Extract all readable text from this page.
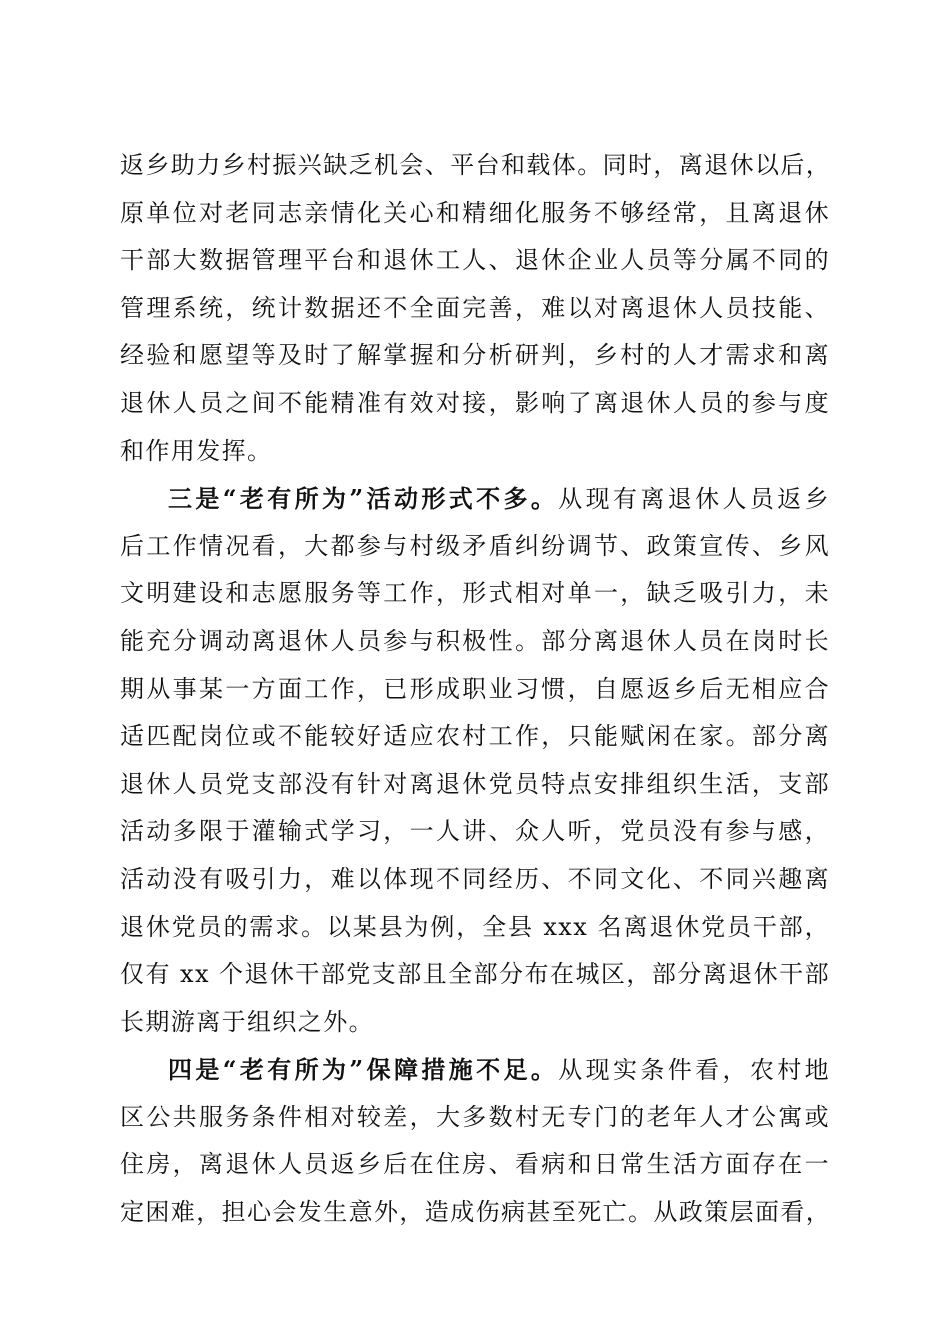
返乡助力乡村振兴缺乏机会、平台和载体。同时，离退休以后，
原单位对老同志亲情化关心和精细化服务不够经常，且离退休
干部大数据管理平台和退休工人、退休企业人员等分属不同的
管理系统，统计数据还不全面完善，难以对离退休人员技能、
经验和愿望等及时了解掌握和分析研判，乡村的人才需求和离
退休人员之间不能精准有效对接，影响了离退休人员的参与度
和作用发挥。
三是“老有所为”活动形式不多。从现有离退休人员返乡
后工作情况看，大都参与村级矛盾纠纷调节、政策宣传、乡风
文明建设和志愿服务等工作，形式相对单一，缺乏吸引力，未
能充分调动离退休人员参与积极性。部分离退休人员在岗时长
期从事某一方面工作，已形成职业习惯，自愿返乡后无相应合
适匹配岗位或不能较好适应农村工作，只能赋闲在家。部分离
退休人员党支部没有针对离退休党员特点安排组织生活，支部
活动多限于灌输式学习，一人讲、众人听，党员没有参与感，
活动没有吸引力，难以体现不同经历、不同文化、不同兴趣离
退休党员的需求。以某县为例，全县 xxx 名离退休党员干部，
仅有 xx 个退休干部党支部且全部分布在城区，部分离退休干部
长期游离于组织之外。
四是“老有所为”保障措施不足。从现实条件看，农村地
区公共服务条件相对较差，大多数村无专门的老年人才公寓或
住房，离退休人员返乡后在住房、看病和日常生活方面存在一
定困难，担心会发生意外，造成伤病甚至死亡。从政策层面看，
